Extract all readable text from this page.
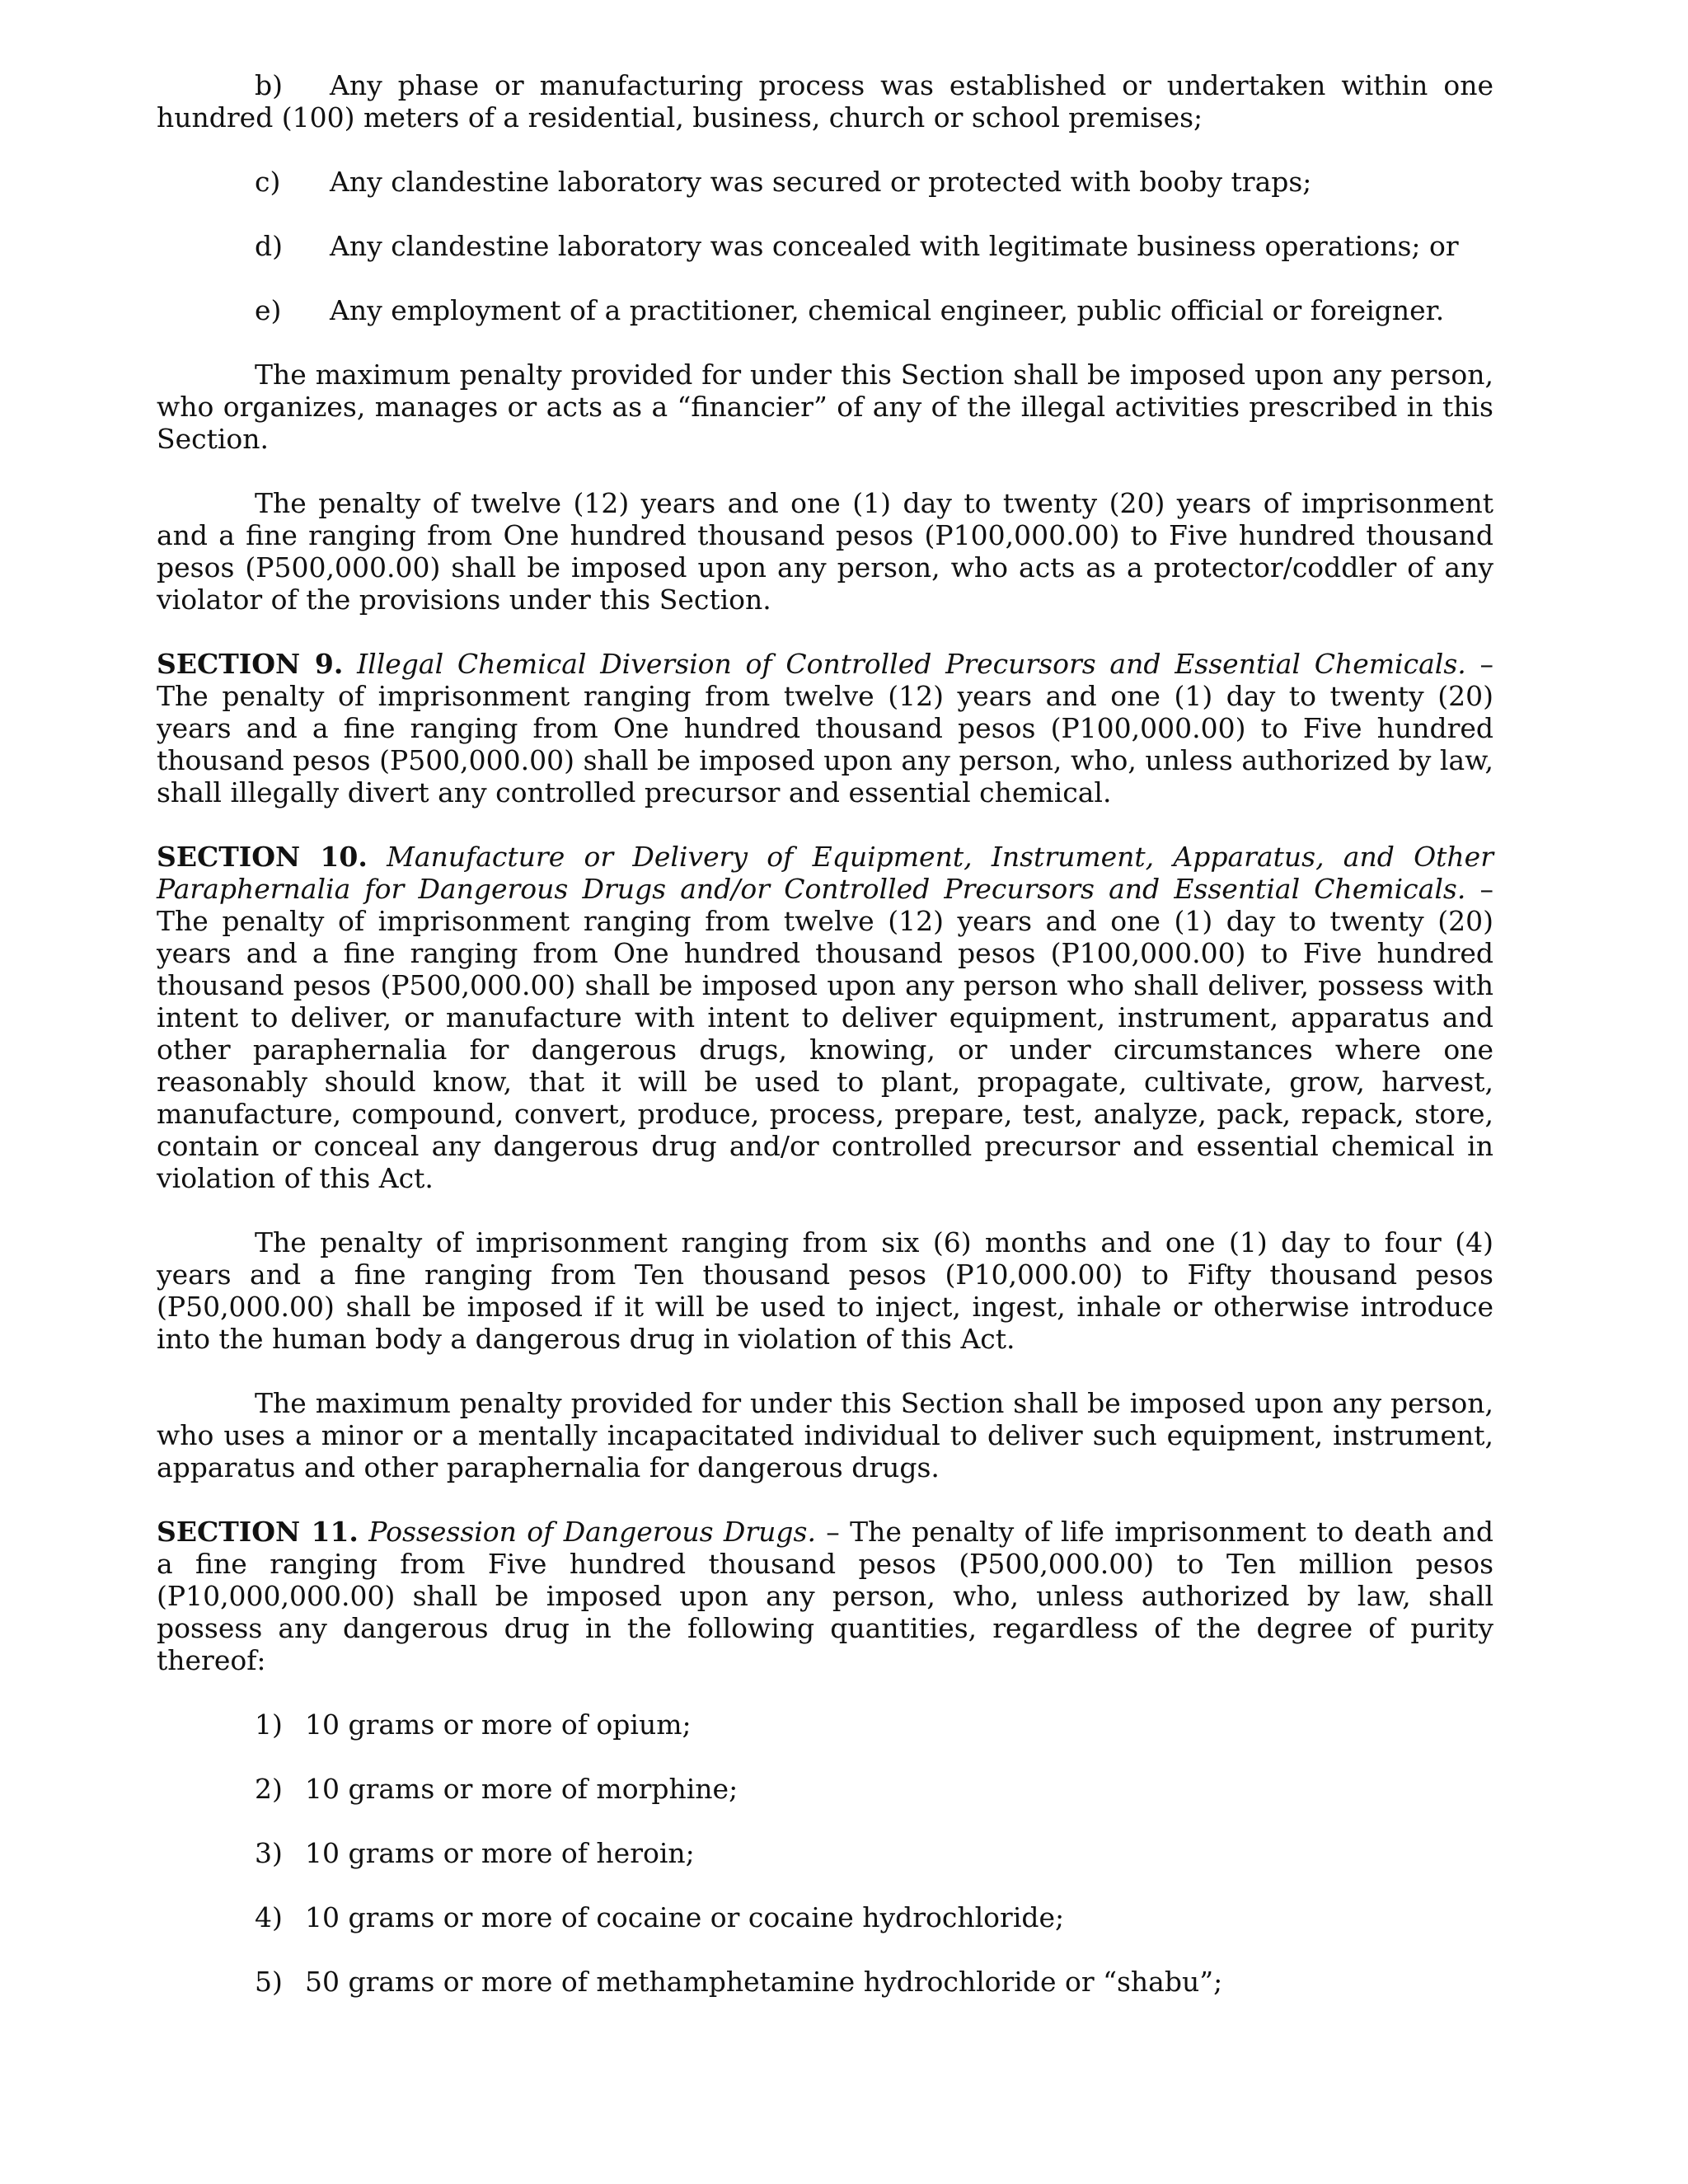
b) Any phase or manufacturing process was established or undertaken within one hundred (100) meters of a residential, business, church or school premises;

c) Any clandestine laboratory was secured or protected with booby traps;

d) Any clandestine laboratory was concealed with legitimate business operations; or

e) Any employment of a practitioner, chemical engineer, public official or foreigner.

The maximum penalty provided for under this Section shall be imposed upon any person, who organizes, manages or acts as a “financier” of any of the illegal activities prescribed in this Section.

The penalty of twelve (12) years and one (1) day to twenty (20) years of imprisonment and a fine ranging from One hundred thousand pesos (P100,000.00) to Five hundred thousand pesos (P500,000.00) shall be imposed upon any person, who acts as a protector/coddler of any violator of the provisions under this Section.

SECTION 9. Illegal Chemical Diversion of Controlled Precursors and Essential Chemicals. – The penalty of imprisonment ranging from twelve (12) years and one (1) day to twenty (20) years and a fine ranging from One hundred thousand pesos (P100,000.00) to Five hundred thousand pesos (P500,000.00) shall be imposed upon any person, who, unless authorized by law, shall illegally divert any controlled precursor and essential chemical.

SECTION 10. Manufacture or Delivery of Equipment, Instrument, Apparatus, and Other Paraphernalia for Dangerous Drugs and/or Controlled Precursors and Essential Chemicals. – The penalty of imprisonment ranging from twelve (12) years and one (1) day to twenty (20) years and a fine ranging from One hundred thousand pesos (P100,000.00) to Five hundred thousand pesos (P500,000.00) shall be imposed upon any person who shall deliver, possess with intent to deliver, or manufacture with intent to deliver equipment, instrument, apparatus and other paraphernalia for dangerous drugs, knowing, or under circumstances where one reasonably should know, that it will be used to plant, propagate, cultivate, grow, harvest, manufacture, compound, convert, produce, process, prepare, test, analyze, pack, repack, store, contain or conceal any dangerous drug and/or controlled precursor and essential chemical in violation of this Act.

The penalty of imprisonment ranging from six (6) months and one (1) day to four (4) years and a fine ranging from Ten thousand pesos (P10,000.00) to Fifty thousand pesos (P50,000.00) shall be imposed if it will be used to inject, ingest, inhale or otherwise introduce into the human body a dangerous drug in violation of this Act.

The maximum penalty provided for under this Section shall be imposed upon any person, who uses a minor or a mentally incapacitated individual to deliver such equipment, instrument, apparatus and other paraphernalia for dangerous drugs.

SECTION 11. Possession of Dangerous Drugs. – The penalty of life imprisonment to death and a fine ranging from Five hundred thousand pesos (P500,000.00) to Ten million pesos (P10,000,000.00) shall be imposed upon any person, who, unless authorized by law, shall possess any dangerous drug in the following quantities, regardless of the degree of purity thereof:

1) 10 grams or more of opium;

2) 10 grams or more of morphine;

3) 10 grams or more of heroin;

4) 10 grams or more of cocaine or cocaine hydrochloride;

5) 50 grams or more of methamphetamine hydrochloride or “shabu”;
